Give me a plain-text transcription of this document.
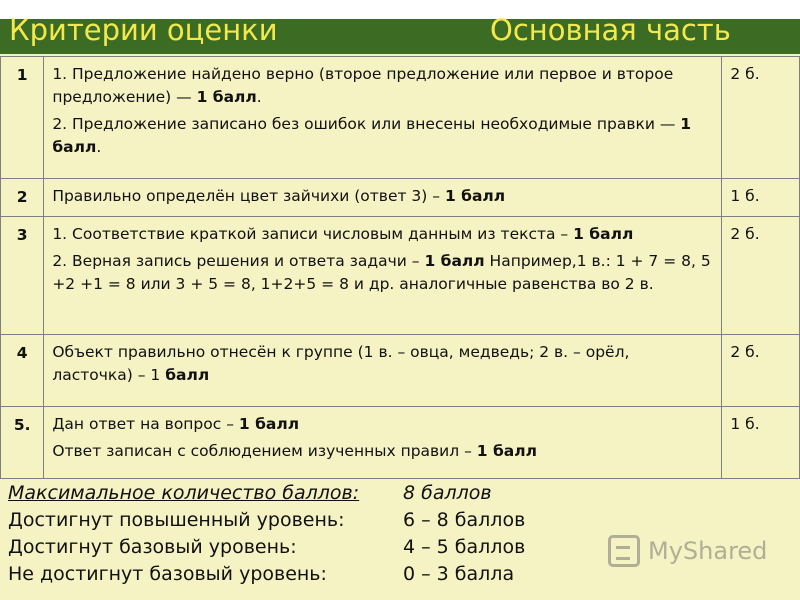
Критерии оценки	Основная часть
1	1. Предложение найдено верно (второе предложение или первое и второе предложение) — 1 балл.
2. Предложение записано без ошибок или внесены необходимые правки — 1 балл.	2 б.
2	Правильно определён цвет зайчихи (ответ 3) – 1 балл	1 б.
3	1. Соответствие краткой записи числовым данным из текста – 1 балл
2. Верная запись решения и ответа задачи – 1 балл Например,1 в.: 1 + 7 = 8, 5 +2 +1 = 8 или 3 + 5 = 8, 1+2+5 = 8 и др. аналогичные равенства во 2 в.	2 б.
4	Объект правильно отнесён к группе (1 в. – овца, медведь; 2 в. – орёл, ласточка) – 1 балл	2 б.
5.	Дан ответ на вопрос – 1 балл
Ответ записан с соблюдением изученных правил – 1 балл	1 б.
Максимальное количество баллов:	8 баллов
Достигнут повышенный уровень:	6 – 8 баллов
Достигнут базовый уровень:	4 – 5 баллов
Не достигнут базовый уровень:	0 – 3 балла
MyShared
